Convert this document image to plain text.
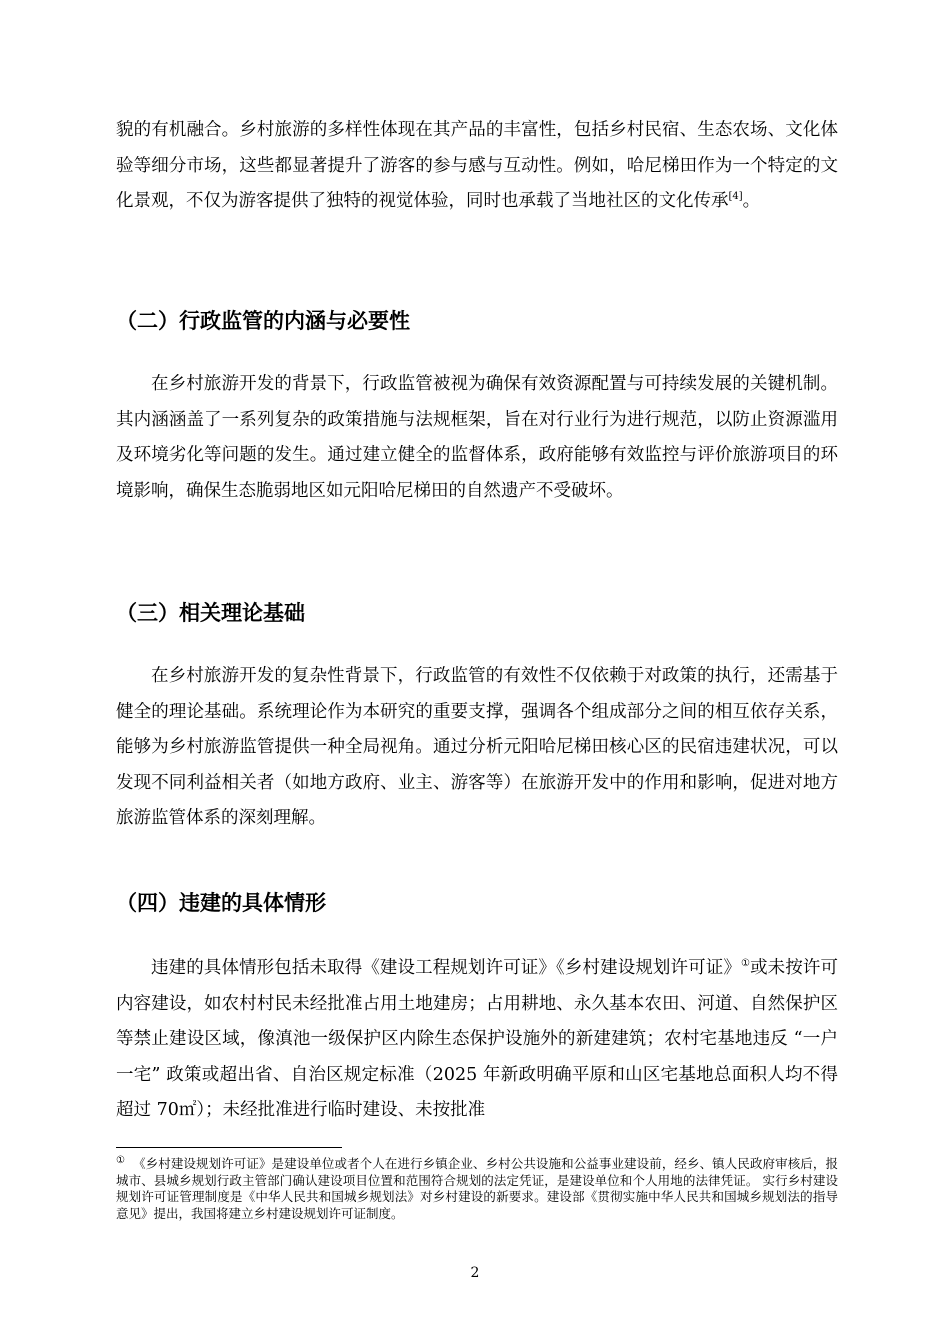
貌的有机融合。乡村旅游的多样性体现在其产品的丰富性，包括乡村民宿、生态农场、文化体验等细分市场，这些都显著提升了游客的参与感与互动性。例如，哈尼梯田作为一个特定的文化景观，不仅为游客提供了独特的视觉体验，同时也承载了当地社区的文化传承[4]。

（二）行政监管的内涵与必要性

在乡村旅游开发的背景下，行政监管被视为确保有效资源配置与可持续发展的关键机制。其内涵涵盖了一系列复杂的政策措施与法规框架，旨在对行业行为进行规范，以防止资源滥用及环境劣化等问题的发生。通过建立健全的监督体系，政府能够有效监控与评价旅游项目的环境影响，确保生态脆弱地区如元阳哈尼梯田的自然遗产不受破坏。

（三）相关理论基础

在乡村旅游开发的复杂性背景下，行政监管的有效性不仅依赖于对政策的执行，还需基于健全的理论基础。系统理论作为本研究的重要支撑，强调各个组成部分之间的相互依存关系，能够为乡村旅游监管提供一种全局视角。通过分析元阳哈尼梯田核心区的民宿违建状况，可以发现不同利益相关者（如地方政府、业主、游客等）在旅游开发中的作用和影响，促进对地方旅游监管体系的深刻理解。

（四）违建的具体情形

违建的具体情形包括未取得《建设工程规划许可证》《乡村建设规划许可证》①或未按许可内容建设，如农村村民未经批准占用土地建房；占用耕地、永久基本农田、河道、自然保护区等禁止建设区域，像滇池一级保护区内除生态保护设施外的新建建筑；农村宅基地违反 “一户一宅” 政策或超出省、自治区规定标准（2025 年新政明确平原和山区宅基地总面积人均不得超过 70㎡）；未经批准进行临时建设、未按批准

① 《乡村建设规划许可证》是建设单位或者个人在进行乡镇企业、乡村公共设施和公益事业建设前，经乡、镇人民政府审核后，报城市、县城乡规划行政主管部门确认建设项目位置和范围符合规划的法定凭证，是建设单位和个人用地的法律凭证。 实行乡村建设规划许可证管理制度是《中华人民共和国城乡规划法》对乡村建设的新要求。建设部《贯彻实施中华人民共和国城乡规划法的指导意见》提出，我国将建立乡村建设规划许可证制度。

2
